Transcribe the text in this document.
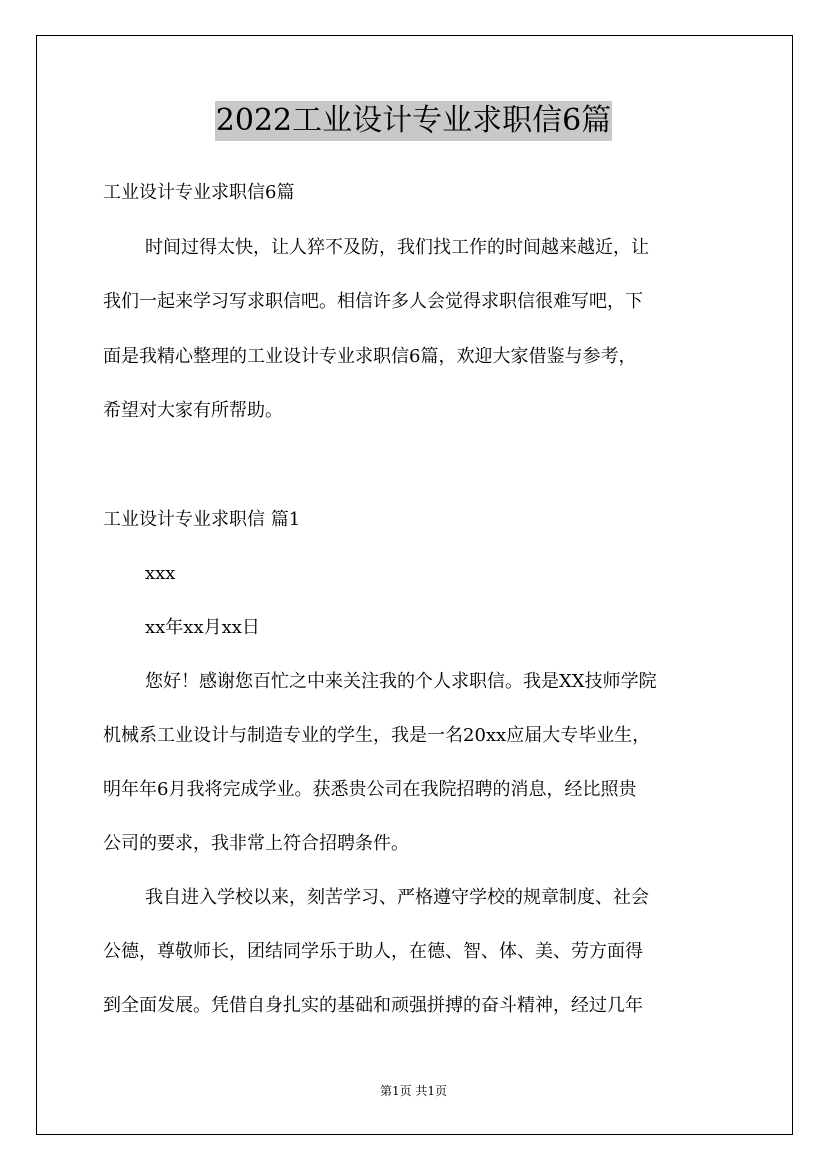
2022工业设计专业求职信6篇
工业设计专业求职信6篇
时间过得太快，让人猝不及防，我们找工作的时间越来越近，让
我们一起来学习写求职信吧。相信许多人会觉得求职信很难写吧，下
面是我精心整理的工业设计专业求职信6篇，欢迎大家借鉴与参考，
希望对大家有所帮助。
工业设计专业求职信 篇1
xxx
xx年xx月xx日
您好！感谢您百忙之中来关注我的个人求职信。我是XX技师学院
机械系工业设计与制造专业的学生，我是一名20xx应届大专毕业生，
明年年6月我将完成学业。获悉贵公司在我院招聘的消息，经比照贵
公司的要求，我非常上符合招聘条件。
我自进入学校以来，刻苦学习、严格遵守学校的规章制度、社会
公德，尊敬师长，团结同学乐于助人，在德、智、体、美、劳方面得
到全面发展。凭借自身扎实的基础和顽强拼搏的奋斗精神，经过几年
第1页 共1页
